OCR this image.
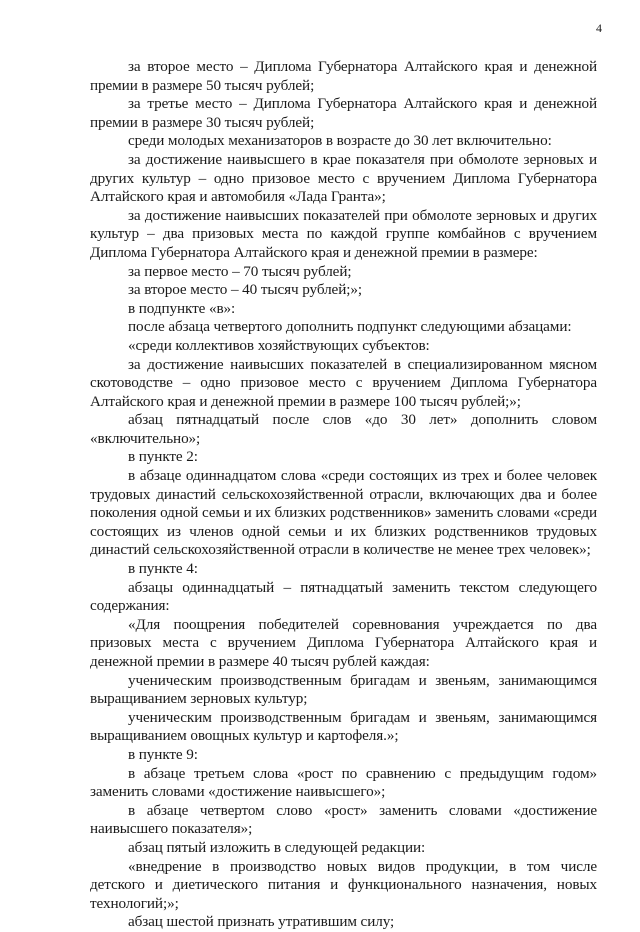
4

за второе место – Диплома Губернатора Алтайского края и денежной премии в размере 50 тысяч рублей;

за третье место – Диплома Губернатора Алтайского края и денежной премии в размере 30 тысяч рублей;

среди молодых механизаторов в возрасте до 30 лет включительно:

за достижение наивысшего в крае показателя при обмолоте зерновых и других культур – одно призовое место с вручением Диплома Губернатора Алтайского края и автомобиля «Лада Гранта»;

за достижение наивысших показателей при обмолоте зерновых и других культур – два призовых места по каждой группе комбайнов с вручением Диплома Губернатора Алтайского края и денежной премии в размере:

за первое место – 70 тысяч рублей;

за второе место – 40 тысяч рублей;»;

в подпункте «в»:

после абзаца четвертого дополнить подпункт следующими абзацами:

«среди коллективов хозяйствующих субъектов:

за достижение наивысших показателей в специализированном мясном скотоводстве – одно призовое место с вручением Диплома Губернатора Алтайского края и денежной премии в размере 100 тысяч рублей;»;

абзац пятнадцатый после слов «до 30 лет» дополнить словом «включительно»;

в пункте 2:

в абзаце одиннадцатом слова «среди состоящих из трех и более человек трудовых династий сельскохозяйственной отрасли, включающих два и более поколения одной семьи и их близких родственников» заменить словами «среди состоящих из членов одной семьи и их близких родственников трудовых династий сельскохозяйственной отрасли в количестве не менее трех человек»;

в пункте 4:

абзацы одиннадцатый – пятнадцатый заменить текстом следующего содержания:

«Для поощрения победителей соревнования учреждается по два призовых места с вручением Диплома Губернатора Алтайского края и денежной премии в размере 40 тысяч рублей каждая:

ученическим производственным бригадам и звеньям, занимающимся выращиванием зерновых культур;

ученическим производственным бригадам и звеньям, занимающимся выращиванием овощных культур и картофеля.»;

в пункте 9:

в абзаце третьем слова «рост по сравнению с предыдущим годом» заменить словами «достижение наивысшего»;

в абзаце четвертом слово «рост» заменить словами «достижение наивысшего показателя»;

абзац пятый изложить в следующей редакции:

«внедрение в производство новых видов продукции, в том числе детского и диетического питания и функционального назначения, новых технологий;»;

абзац шестой признать утратившим силу;
